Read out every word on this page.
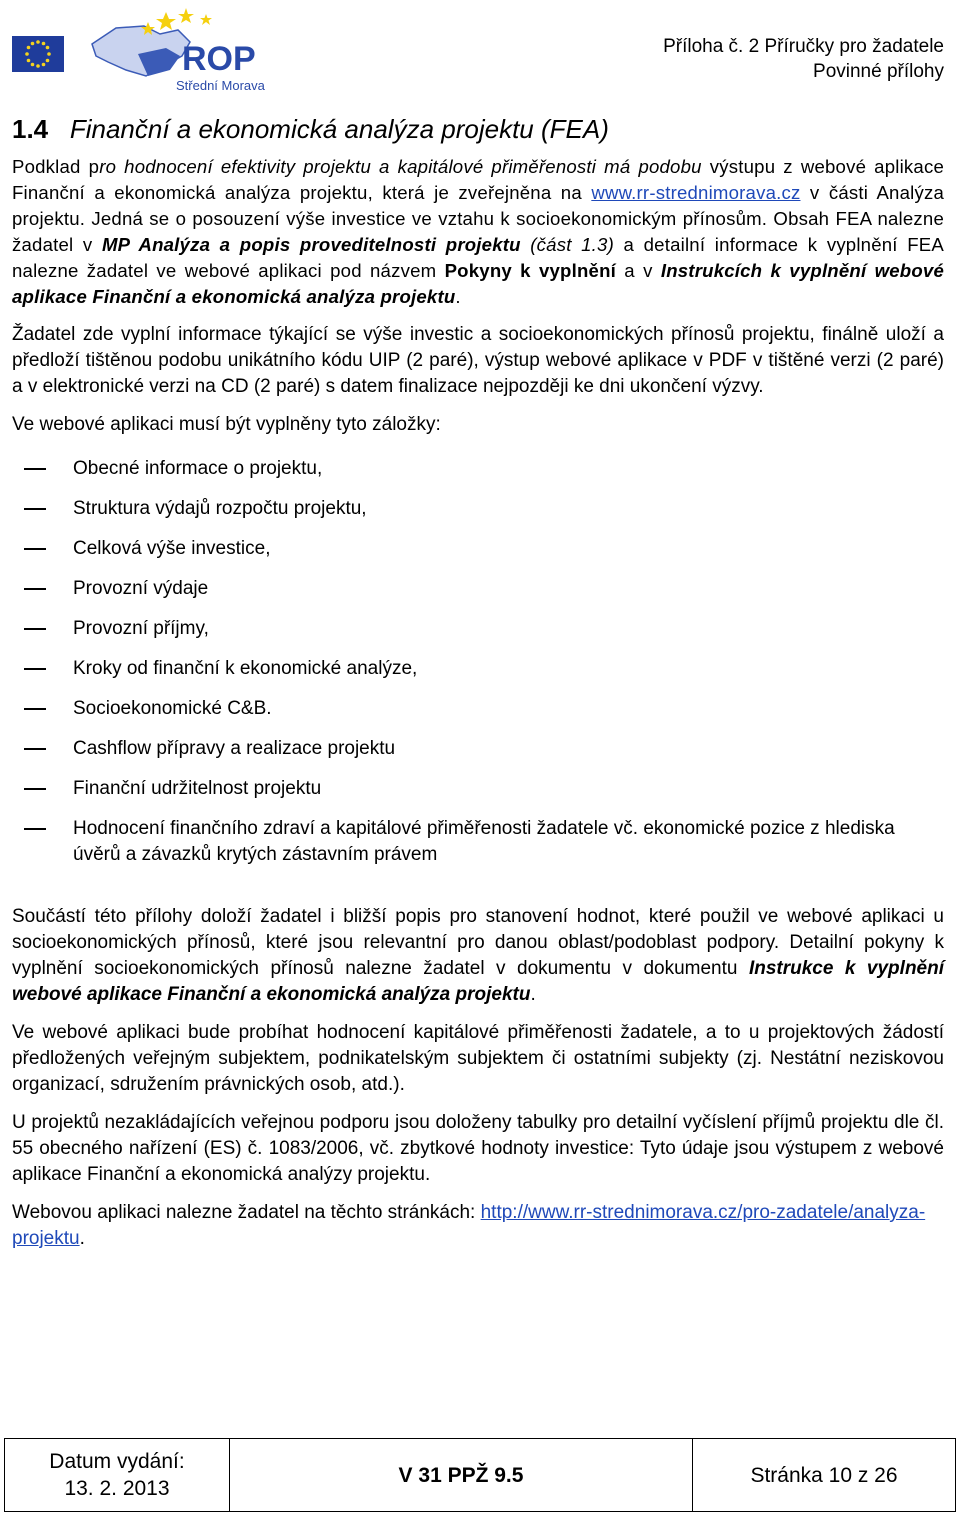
ROP
Střední Morava
Příloha č. 2 Příručky pro žadatele
Povinné přílohy
1.4 Finanční a ekonomická analýza projektu (FEA)

Podklad pro hodnocení efektivity projektu a kapitálové přiměřenosti má podobu výstupu z webové aplikace Finanční a ekonomická analýza projektu, která je zveřejněna na www.rr-strednimorava.cz v části Analýza projektu. Jedná se o posouzení výše investice ve vztahu k socioekonomickým přínosům. Obsah FEA nalezne žadatel v MP Analýza a popis proveditelnosti projektu (část 1.3) a detailní informace k vyplnění FEA nalezne žadatel ve webové aplikaci pod názvem Pokyny k vyplnění a v Instrukcích k vyplnění webové aplikace Finanční a ekonomická analýza projektu.

Žadatel zde vyplní informace týkající se výše investic a socioekonomických přínosů projektu, finálně uloží a předloží tištěnou podobu unikátního kódu UIP (2 paré), výstup webové aplikace v PDF v tištěné verzi (2 paré) a v elektronické verzi na CD (2 paré) s datem finalizace nejpozději ke dni ukončení výzvy.

Ve webové aplikaci musí být vyplněny tyto záložky:

Obecné informace o projektu,
Struktura výdajů rozpočtu projektu,
Celková výše investice,
Provozní výdaje
Provozní příjmy,
Kroky od finanční k ekonomické analýze,
Socioekonomické C&B.
Cashflow přípravy a realizace projektu
Finanční udržitelnost projektu
Hodnocení finančního zdraví a kapitálové přiměřenosti žadatele vč. ekonomické pozice z hlediska úvěrů a závazků krytých zástavním právem

Součástí této přílohy doloží žadatel i bližší popis pro stanovení hodnot, které použil ve webové aplikaci u socioekonomických přínosů, které jsou relevantní pro danou oblast/podoblast podpory. Detailní pokyny k vyplnění socioekonomických přínosů nalezne žadatel v dokumentu v dokumentu Instrukce k vyplnění webové aplikace Finanční a ekonomická analýza projektu.

Ve webové aplikaci bude probíhat hodnocení kapitálové přiměřenosti žadatele, a to u projektových žádostí předložených veřejným subjektem, podnikatelským subjektem či ostatními subjekty (zj. Nestátní neziskovou organizací, sdružením právnických osob, atd.).

U projektů nezakládajících veřejnou podporu jsou doloženy tabulky pro detailní vyčíslení příjmů projektu dle čl. 55 obecného nařízení (ES) č. 1083/2006, vč. zbytkové hodnoty investice: Tyto údaje jsou výstupem z webové aplikace Finanční a ekonomická analýzy projektu.

Webovou aplikaci nalezne žadatel na těchto stránkách: http://www.rr-strednimorava.cz/pro-zadatele/analyza-projektu.

Datum vydání:
13. 2. 2013
V 31 PPŽ 9.5	Stránka 10 z 26
